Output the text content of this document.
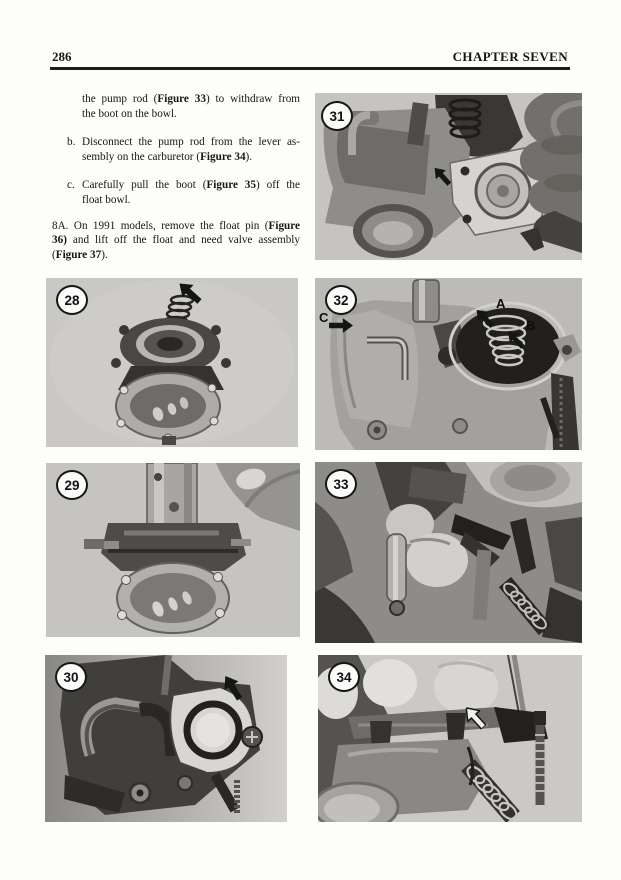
286	CHAPTER SEVEN
the pump rod (Figure 33) to withdraw from
the boot on the bowl.
b. Disconnect the pump rod from the lever as-
sembly on the carburetor (Figure 34).
c. Carefully pull the boot (Figure 35) off the
float bowl.
8A. On 1991 models, remove the float pin (Figure
36) and lift off the float and need valve assembly
(Figure 37).
31
28	A
B
C
32
29	33
30	34
